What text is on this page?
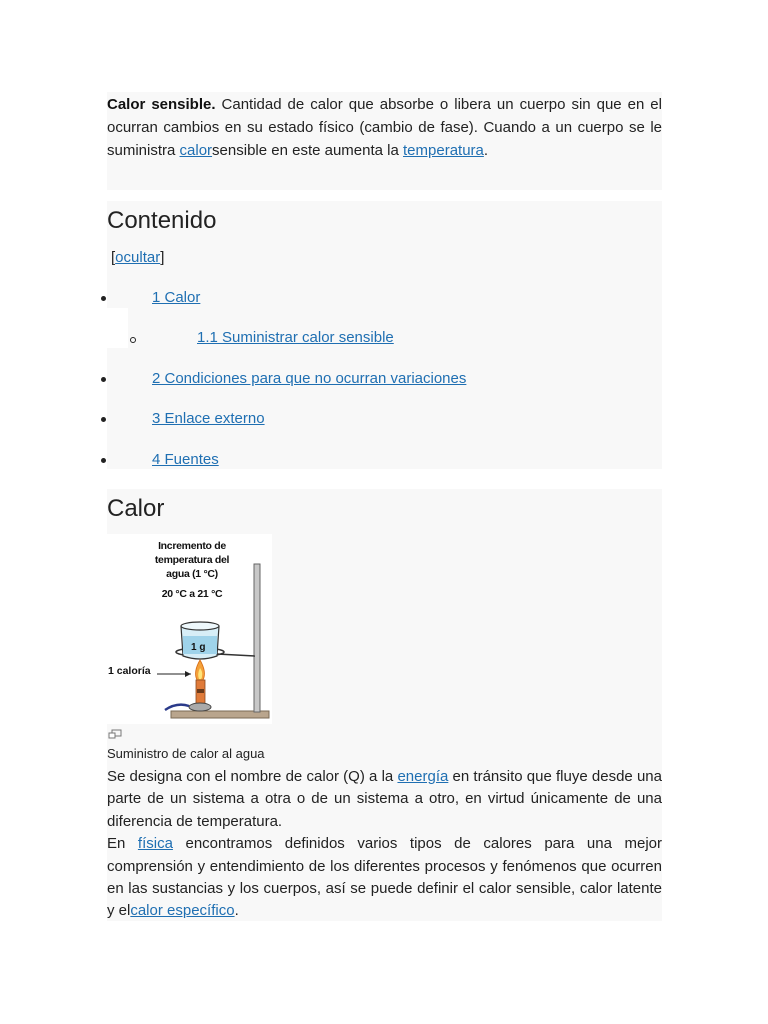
Calor sensible. Cantidad de calor que absorbe o libera un cuerpo sin que en el ocurran cambios en su estado físico (cambio de fase). Cuando a un cuerpo se le suministra calorsensible en este aumenta la temperatura.

Contenido
[ocultar]
1 Calor
1.1 Suministrar calor sensible
2 Condiciones para que no ocurran variaciones
3 Enlace externo
4 Fuentes
Calor
Incremento de
temperatura del
agua (1 °C)
20 °C a 21 °C
1 g
1 caloría
Suministro de calor al agua

Se designa con el nombre de calor (Q) a la energía en tránsito que fluye desde una parte de un sistema a otra o de un sistema a otro, en virtud únicamente de una diferencia de temperatura.
En física encontramos definidos varios tipos de calores para una mejor comprensión y entendimiento de los diferentes procesos y fenómenos que ocurren en las sustancias y los cuerpos, así se puede definir el calor sensible, calor latente y elcalor específico.
